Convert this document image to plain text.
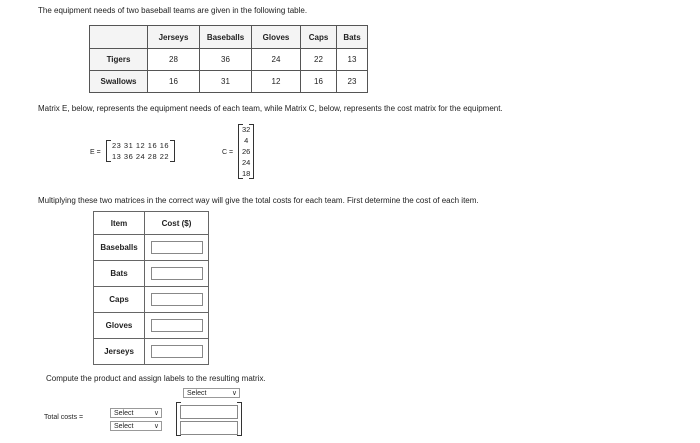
The equipment needs of two baseball teams are given in the following table.
	Jerseys	Baseballs	Gloves	Caps	Bats
Tigers	28	36	24	22	13
Swallows	16	31	12	16	23
Matrix E, below, represents the equipment needs of each team, while Matrix C, below, represents the cost matrix for the equipment.
E =
23 31 12 16 16
13 36 24 28 22	C =
32
4
26
24
18
Multiplying these two matrices in the correct way will give the total costs for each team. First determine the cost of each item.
Item	Cost ($)
Baseballs	
Bats	
Caps	
Gloves	
Jerseys	
Compute the product and assign labels to the resulting matrix.
Select	∨
Total costs =
Select	∨
Select	∨
